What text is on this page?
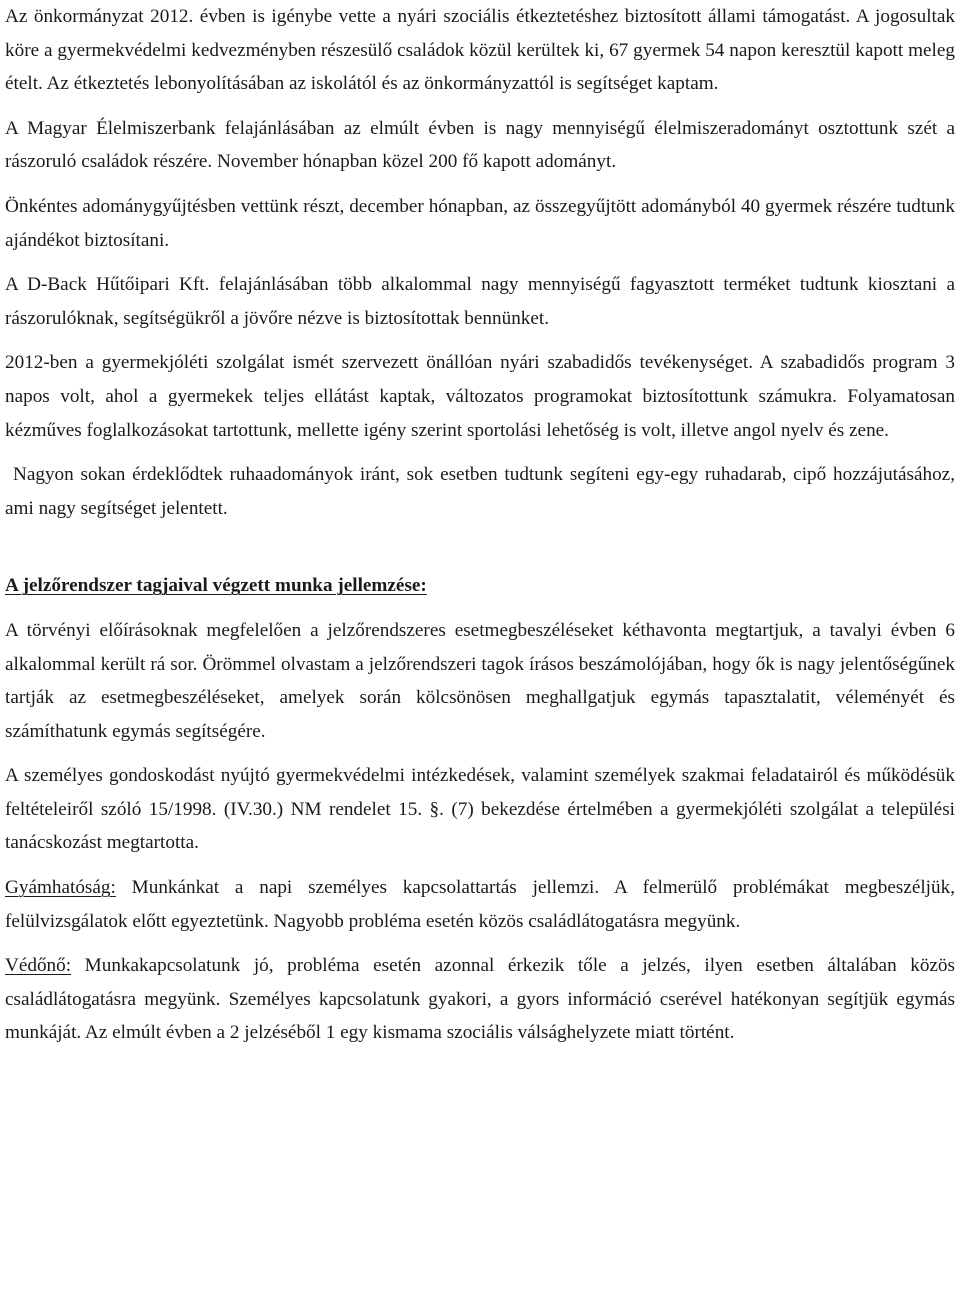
Az önkormányzat 2012. évben is igénybe vette a nyári szociális étkeztetéshez biztosított állami támogatást. A jogosultak köre a gyermekvédelmi kedvezményben részesülő családok közül kerültek ki, 67 gyermek 54 napon keresztül kapott meleg ételt. Az étkeztetés lebonyolításában az iskolától és az önkormányzattól is segítséget kaptam.

A Magyar Élelmiszerbank felajánlásában az elmúlt évben is nagy mennyiségű élelmiszeradományt osztottunk szét a rászoruló családok részére. November hónapban közel 200 fő kapott adományt.

Önkéntes adománygyűjtésben vettünk részt, december hónapban, az összegyűjtött adományból 40 gyermek részére tudtunk ajándékot biztosítani.

A D-Back Hűtőipari Kft. felajánlásában több alkalommal nagy mennyiségű fagyasztott terméket tudtunk kiosztani a rászorulóknak, segítségükről a jövőre nézve is biztosítottak bennünket.

2012-ben a gyermekjóléti szolgálat ismét szervezett önállóan nyári szabadidős tevékenységet. A szabadidős program 3 napos volt, ahol a gyermekek teljes ellátást kaptak, változatos programokat biztosítottunk számukra. Folyamatosan kézműves foglalkozásokat tartottunk, mellette igény szerint sportolási lehetőség is volt, illetve angol nyelv és zene.

Nagyon sokan érdeklődtek ruhaadományok iránt, sok esetben tudtunk segíteni egy-egy ruhadarab, cipő hozzájutásához, ami nagy segítséget jelentett.

A jelzőrendszer tagjaival végzett munka jellemzése:

A törvényi előírásoknak megfelelően a jelzőrendszeres esetmegbeszéléseket kéthavonta megtartjuk, a tavalyi évben 6 alkalommal került rá sor. Örömmel olvastam a jelzőrendszeri tagok írásos beszámolójában, hogy ők is nagy jelentőségűnek tartják az esetmegbeszéléseket, amelyek során kölcsönösen meghallgatjuk egymás tapasztalatit, véleményét és számíthatunk egymás segítségére.

A személyes gondoskodást nyújtó gyermekvédelmi intézkedések, valamint személyek szakmai feladatairól és működésük feltételeiről szóló 15/1998. (IV.30.) NM rendelet 15. §. (7) bekezdése értelmében a gyermekjóléti szolgálat a települési tanácskozást megtartotta.

Gyámhatóság: Munkánkat a napi személyes kapcsolattartás jellemzi. A felmerülő problémákat megbeszéljük, felülvizsgálatok előtt egyeztetünk. Nagyobb probléma esetén közös családlátogatásra megyünk.

Védőnő: Munkakapcsolatunk jó, probléma esetén azonnal érkezik tőle a jelzés, ilyen esetben általában közös családlátogatásra megyünk. Személyes kapcsolatunk gyakori, a gyors információ cserével hatékonyan segítjük egymás munkáját. Az elmúlt évben a 2 jelzéséből 1 egy kismama szociális válsághelyzete miatt történt.
